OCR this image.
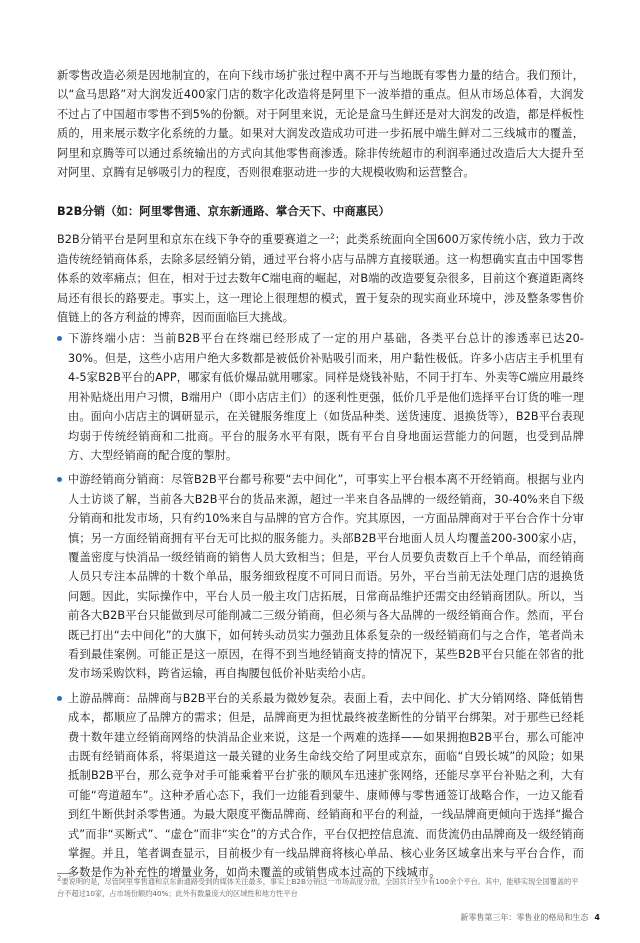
新零售改造必须是因地制宜的，在向下线市场扩张过程中离不开与当地既有零售力量的结合。我们预计，以“盒马思路”对大润发近400家门店的数字化改造将是阿里下一波举措的重点。但从市场总体看，大润发不过占了中国超市零售不到5%的份额。对于阿里来说，无论是盒马生鲜还是对大润发的改造，都是样板性质的，用来展示数字化系统的力量。如果对大润发改造成功可进一步拓展中端生鲜对二三线城市的覆盖，阿里和京腾等可以通过系统输出的方式向其他零售商渗透。除非传统超市的利润率通过改造后大大提升至对阿里、京腾有足够吸引力的程度，否则很难驱动进一步的大规模收购和运营整合。

B2B分销（如：阿里零售通、京东新通路、掌合天下、中商惠民）

B2B分销平台是阿里和京东在线下争夺的重要赛道之一$^2$；此类系统面向全国600万家传统小店，致力于改造传统经销商体系，去除多层经销分销，通过平台将小店与品牌方直接联通。这一构想确实直击中国零售体系的效率痛点；但在，相对于过去数年C端电商的崛起，对B端的改造要复杂很多，目前这个赛道距离终局还有很长的路要走。事实上，这一理论上很理想的模式，置于复杂的现实商业环境中，涉及整条零售价值链上的各方利益的博弈，因而面临巨大挑战。

下游终端小店：当前B2B平台在终端已经形成了一定的用户基础，各类平台总计的渗透率已达20-30%。但是，这些小店用户绝大多数都是被低价补贴吸引而来，用户黏性极低。许多小店店主手机里有4-5家B2B平台的APP，哪家有低价爆品就用哪家。同样是烧钱补贴，不同于打车、外卖等C端应用最终用补贴烧出用户习惯，B端用户（即小店店主们）的逐利性更强，低价几乎是他们选择平台订货的唯一理由。面向小店店主的调研显示，在关键服务维度上（如货品种类、送货速度、退换货等），B2B平台表现均弱于传统经销商和二批商。平台的服务水平有限，既有平台自身地面运营能力的问题，也受到品牌方、大型经销商的配合度的掣肘。
中游经销商分销商：尽管B2B平台都号称要“去中间化”，可事实上平台根本离不开经销商。根据与业内人士访谈了解，当前各大B2B平台的货品来源，超过一半来自各品牌的一级经销商，30-40%来自下级分销商和批发市场，只有约10%来自与品牌的官方合作。究其原因，一方面品牌商对于平台合作十分审慎；另一方面经销商拥有平台无可比拟的服务能力。头部B2B平台地面人员人均覆盖200-300家小店，覆盖密度与快消品一级经销商的销售人员大致相当；但是，平台人员要负责数百上千个单品，而经销商人员只专注本品牌的十数个单品，服务细致程度不可同日而语。另外，平台当前无法处理门店的退换货问题。因此，实际操作中，平台人员一般主攻门店拓展，日常商品维护还需交由经销商团队。所以，当前各大B2B平台只能做到尽可能削减二三级分销商，但必须与各大品牌的一级经销商合作。然而，平台既已打出“去中间化”的大旗下，如何转头动员实力强劲且体系复杂的一级经销商们与之合作，笔者尚未看到最佳案例。可能正是这一原因，在得不到当地经销商支持的情况下，某些B2B平台只能在邻省的批发市场采购饮料，跨省运输，再自掏腰包低价补贴卖给小店。
上游品牌商：品牌商与B2B平台的关系最为微妙复杂。表面上看，去中间化、扩大分销网络、降低销售成本，都顺应了品牌方的需求；但是，品牌商更为担忧最终被垄断性的分销平台绑架。对于那些已经耗费十数年建立经销商网络的快消品企业来说，这是一个两难的选择——如果拥抱B2B平台，那么可能冲击既有经销商体系，将渠道这一最关键的业务生命线交给了阿里或京东，面临“自毁长城”的风险；如果抵制B2B平台，那么竞争对手可能乘着平台扩张的顺风车迅速扩张网络，还能尽享平台补贴之利，大有可能“弯道超车”。这种矛盾心态下，我们一边能看到蒙牛、康师傅与零售通签订战略合作，一边又能看到红牛断供封杀零售通。为最大限度平衡品牌商、经销商和平台的利益，一线品牌商更倾向于选择“撮合式”而非“买断式”、“虚仓”而非“实仓”的方式合作，平台仅把控信息流、而货流仍由品牌商及一级经销商掌握。并且，笔者调查显示，目前极少有一线品牌商将核心单品、核心业务区域拿出来与平台合作，而多数是作为补充性的增量业务，如尚未覆盖的或销售成本过高的下线城市。
2要说明的是，尽管阿里零售通和京东新通路受到的媒体关注最多，事实上B2B分销这一市场高度分散，全国共计至少有100余个平台。其中，能够实现全国覆盖的平台不超过10家，占市场份额约40%；此外有数量庞大的区域性和地方性平台
新零售第三年：零售业的格局和生态 4
